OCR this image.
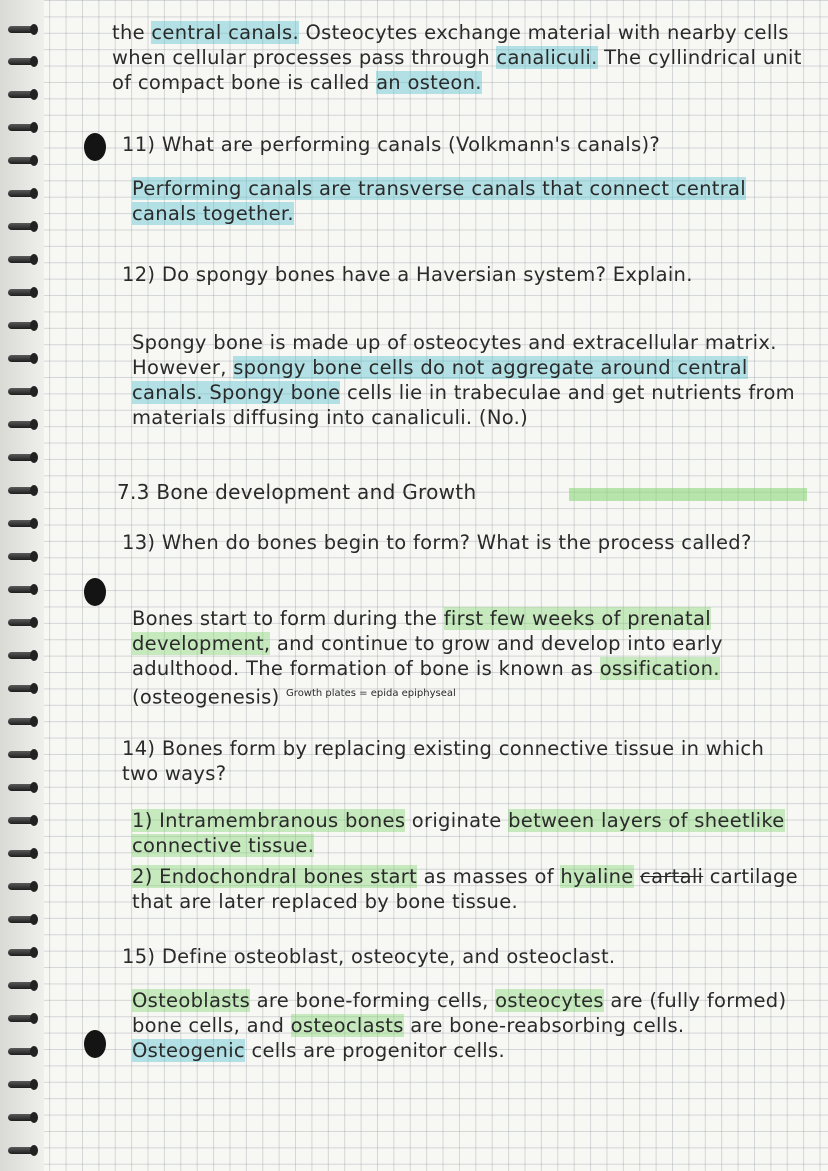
the central canals. Osteocytes exchange material with nearby cells when cellular processes pass through canaliculi. The cyllindrical unit of compact bone is called an osteon.

11) What are performing canals (Volkmann's canals)?

Performing canals are transverse canals that connect central canals together.

12) Do spongy bones have a Haversian system? Explain.

Spongy bone is made up of osteocytes and extracellular matrix. However, spongy bone cells do not aggregate around central canals. Spongy bone cells lie in trabeculae and get nutrients from materials diffusing into canaliculi. (No.)

7.3 Bone development and Growth

13) When do bones begin to form? What is the process called?

Bones start to form during the first few weeks of prenatal development, and continue to grow and develop into early adulthood. The formation of bone is known as ossification. (osteogenesis) $^{Growth plates = epida epiphyseal}$

14) Bones form by replacing existing connective tissue in which two ways?

1) Intramembranous bones originate between layers of sheetlike connective tissue.

2) Endochondral bones start as masses of hyaline cartali cartilage that are later replaced by bone tissue.

15) Define osteoblast, osteocyte, and osteoclast.

Osteoblasts are bone-forming cells, osteocytes are (fully formed) bone cells, and osteoclasts are bone-reabsorbing cells. Osteogenic cells are progenitor cells.
